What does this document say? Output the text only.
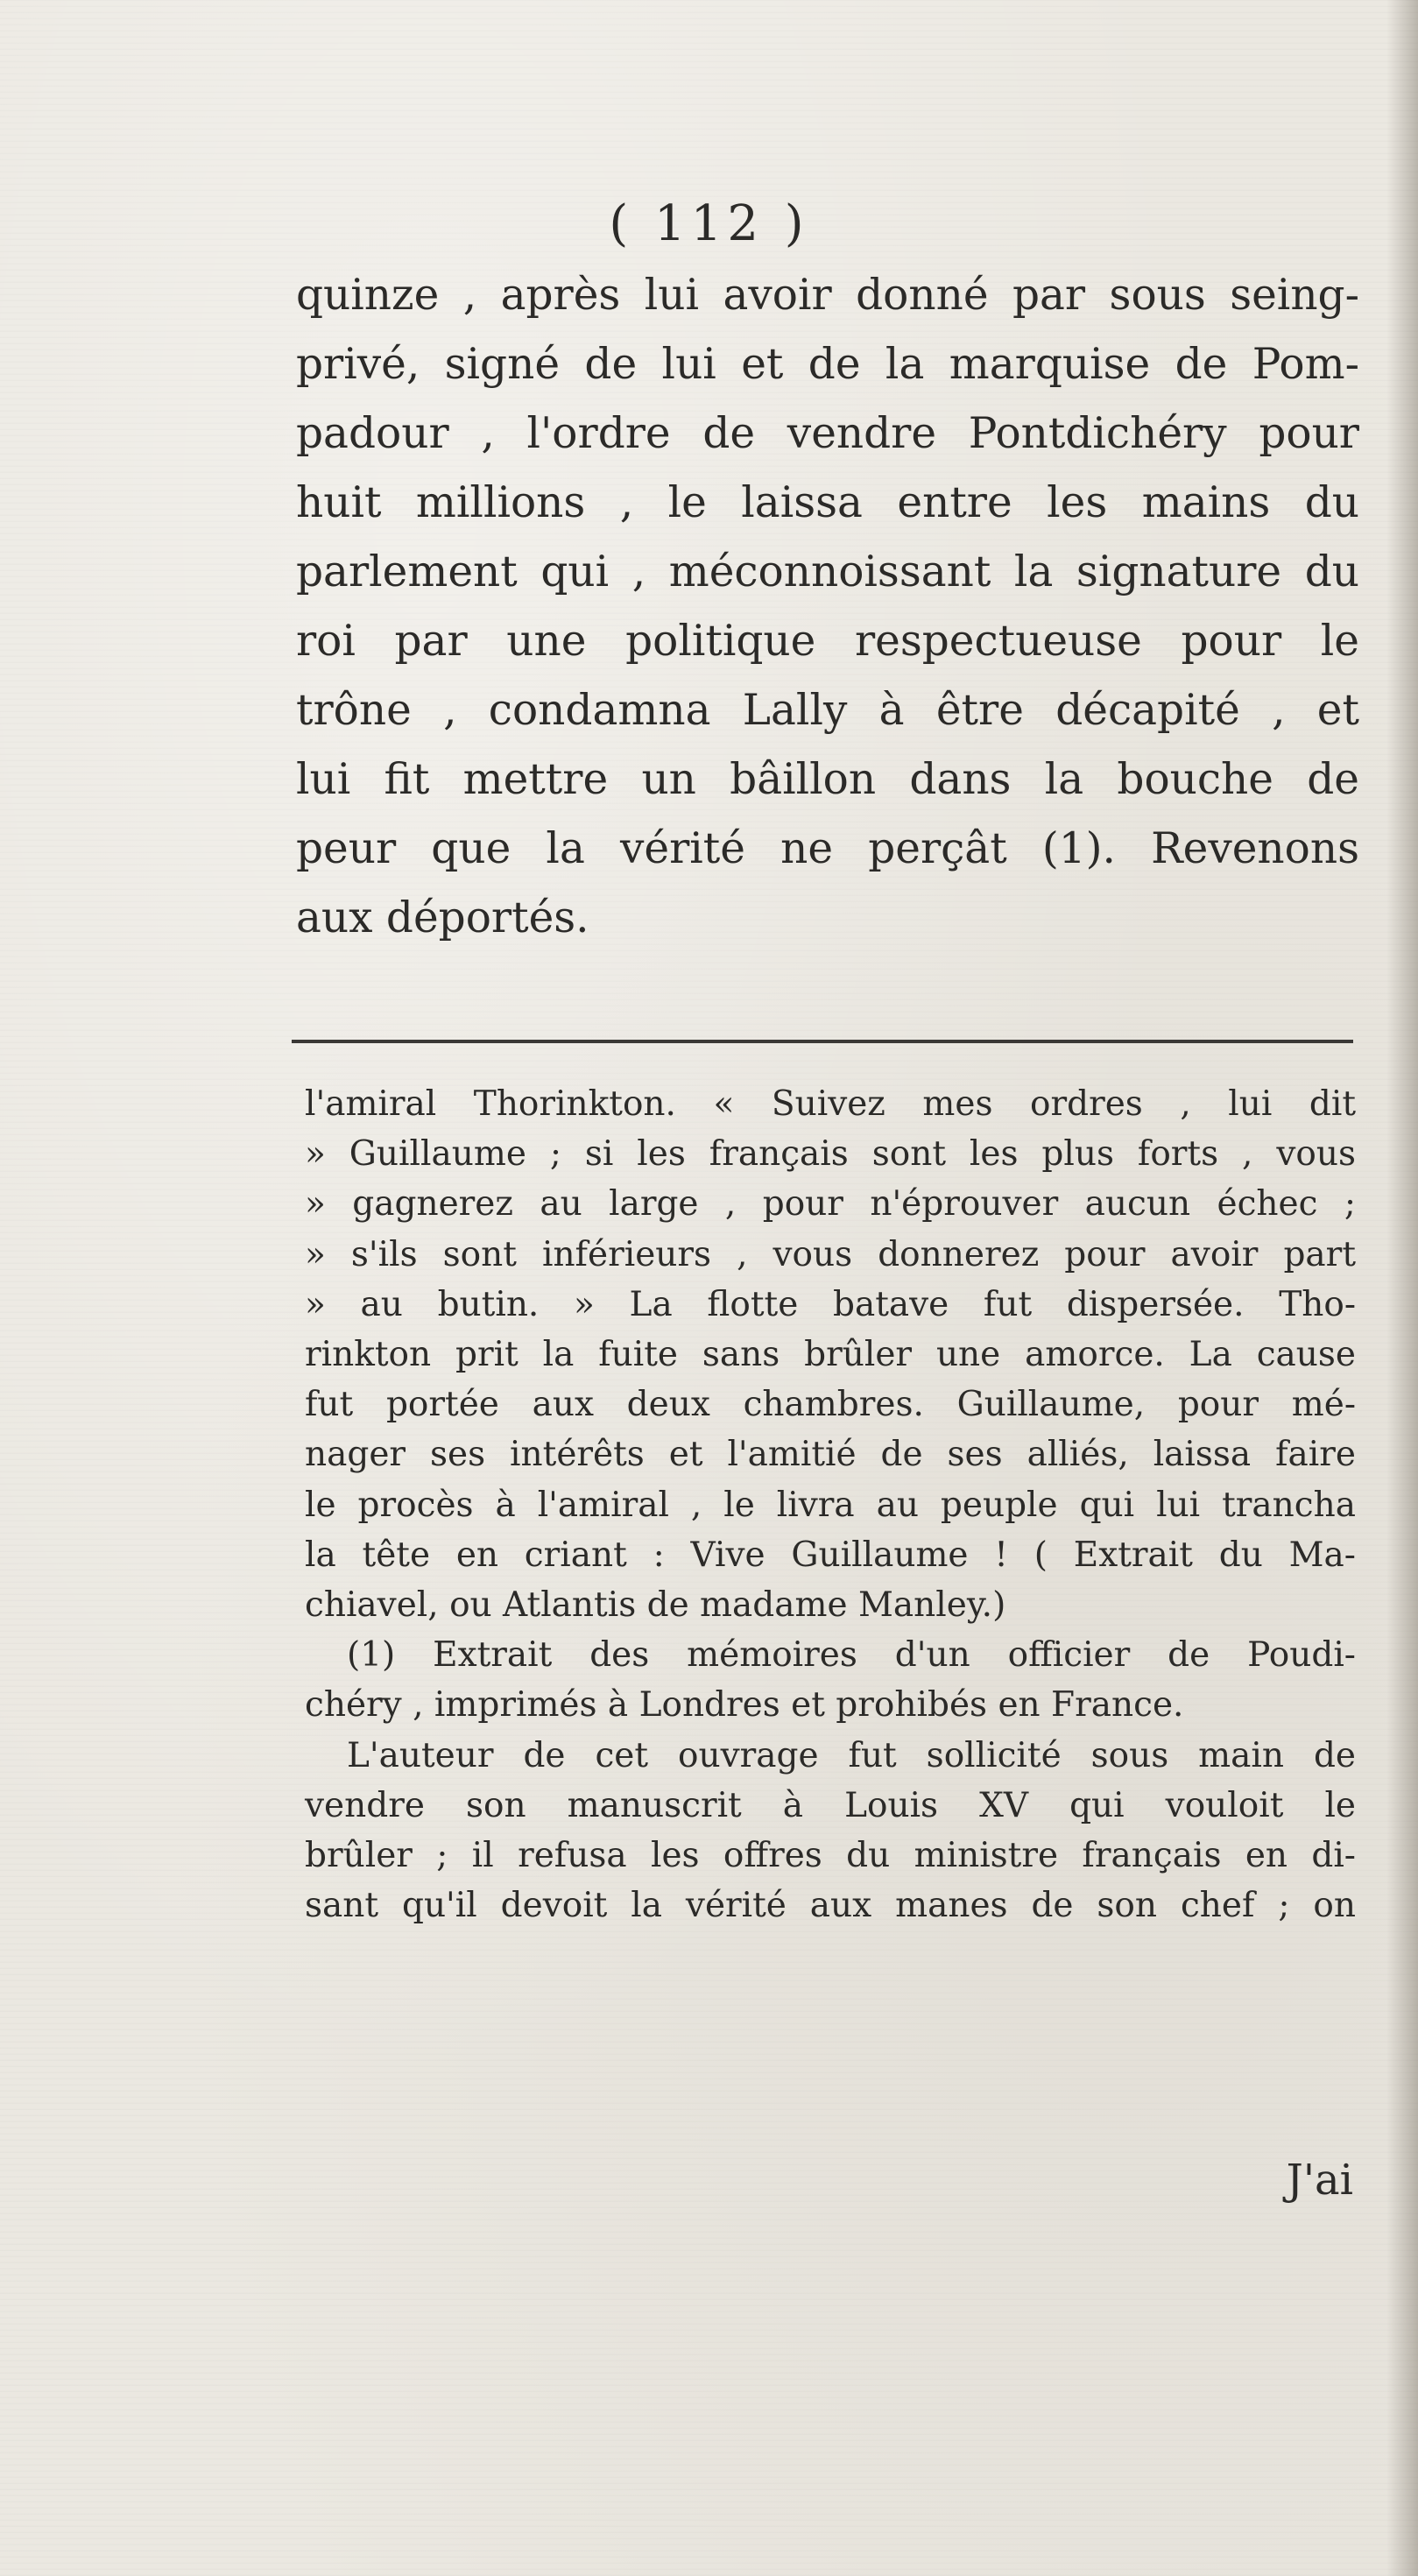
( 112 )
quinze , après lui avoir donné par sous seing-
privé, signé de lui et de la marquise de Pom-
padour , l'ordre de vendre Pontdichéry pour
huit millions , le laissa entre les mains du
parlement qui , méconnoissant la signature du
roi par une politique respectueuse pour le
trône , condamna Lally à être décapité , et
lui fit mettre un bâillon dans la bouche de
peur que la vérité ne perçât (1). Revenons
aux déportés.
l'amiral Thorinkton. « Suivez mes ordres , lui dit
» Guillaume ; si les français sont les plus forts , vous
» gagnerez au large , pour n'éprouver aucun échec ;
» s'ils sont inférieurs , vous donnerez pour avoir part
» au butin. » La flotte batave fut dispersée. Tho-
rinkton prit la fuite sans brûler une amorce. La cause
fut portée aux deux chambres. Guillaume, pour mé-
nager ses intérêts et l'amitié de ses alliés, laissa faire
le procès à l'amiral , le livra au peuple qui lui trancha
la tête en criant : Vive Guillaume ! ( Extrait du Ma-
chiavel, ou Atlantis de madame Manley.)
(1) Extrait des mémoires d'un officier de Poudi-
chéry , imprimés à Londres et prohibés en France.
L'auteur de cet ouvrage fut sollicité sous main de
vendre son manuscrit à Louis XV qui vouloit le
brûler ; il refusa les offres du ministre français en di-
sant qu'il devoit la vérité aux manes de son chef ; on
J'ai
